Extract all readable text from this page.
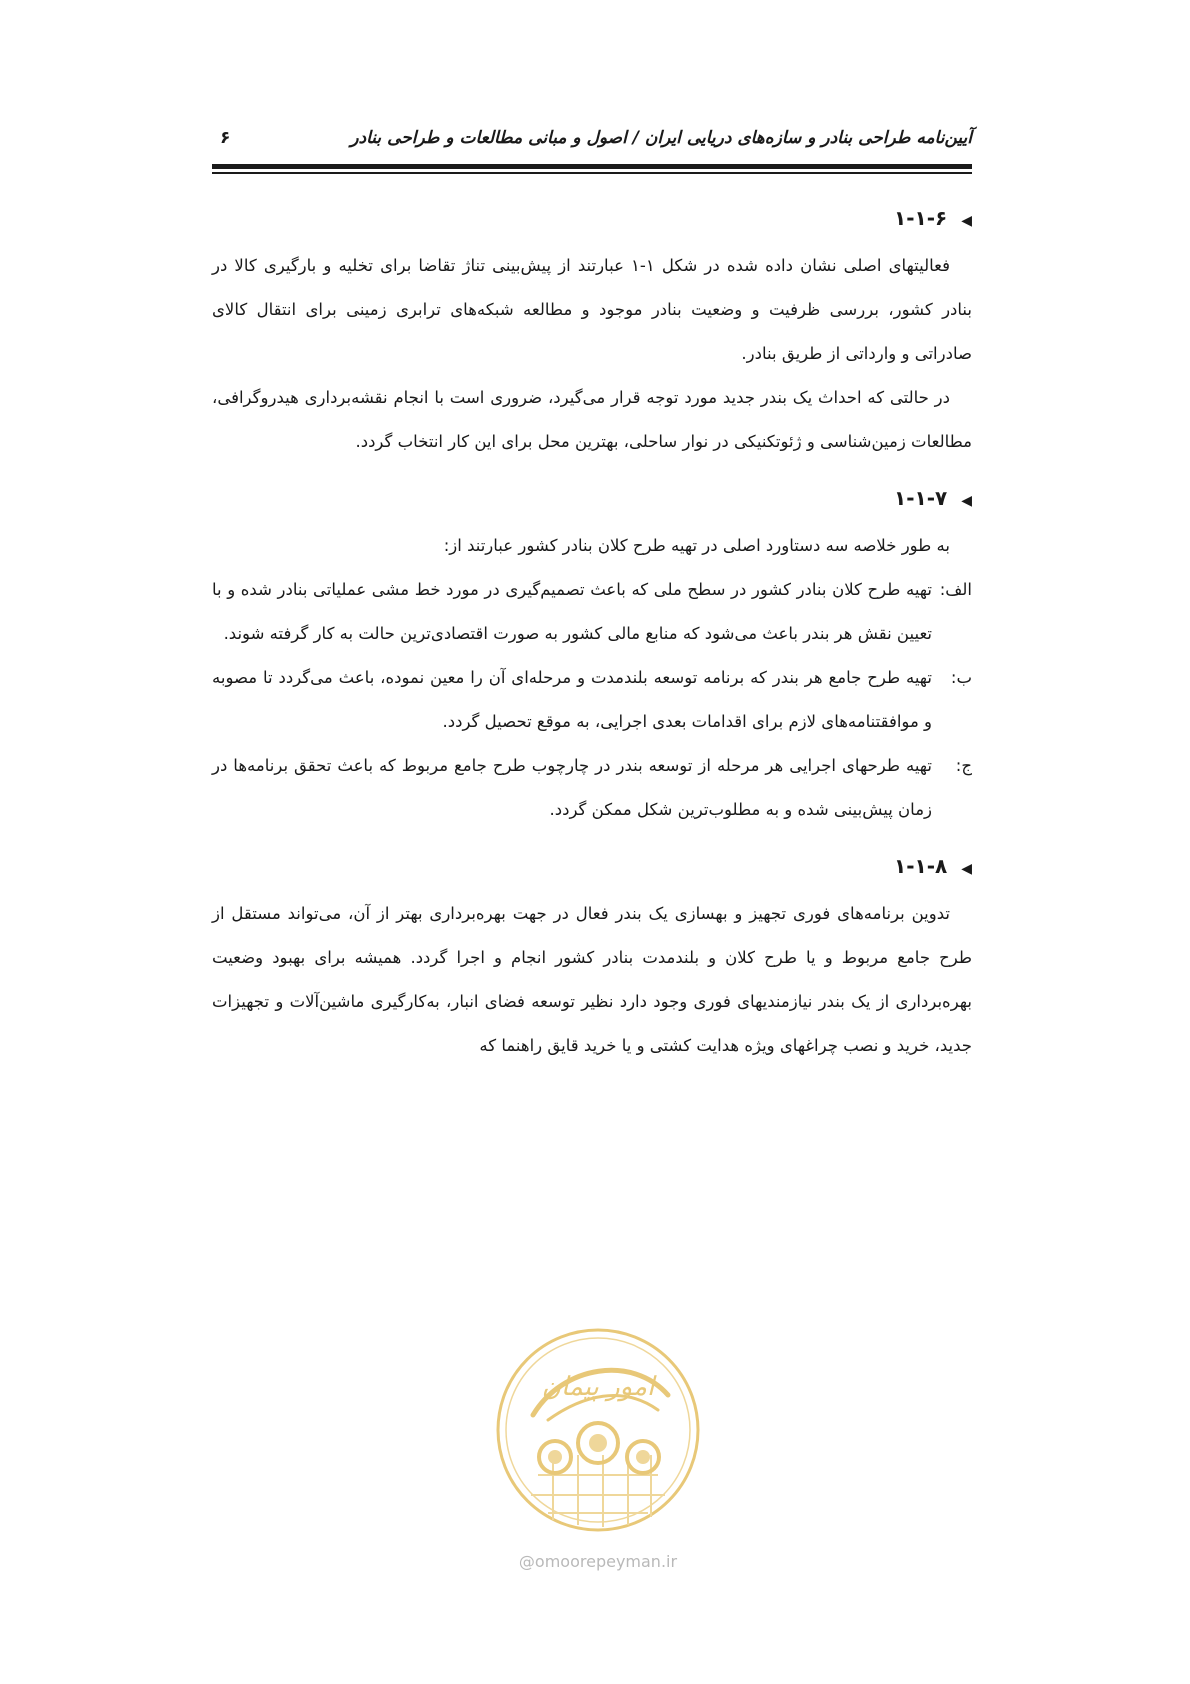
آیین‌نامه طراحی بنادر و سازه‌های دریایی ایران / اصول و مبانی مطالعات و طراحی بنادر
۶
◀۱-۱-۶

فعالیتهای اصلی نشان داده شده در شکل ۱-۱ عبارتند از پیش‌بینی تناژ تقاضا برای تخلیه و بارگیری کالا در بنادر کشور، بررسی ظرفیت و وضعیت بنادر موجود و مطالعه شبکه‌های ترابری زمینی برای انتقال کالای صادراتی و وارداتی از طریق بنادر.

در حالتی که احداث یک بندر جدید مورد توجه قرار می‌گیرد، ضروری است با انجام نقشه‌برداری هیدروگرافی، مطالعات زمین‌شناسی و ژئوتکنیکی در نوار ساحلی، بهترین محل برای این کار انتخاب گردد.

◀۱-۱-۷

به طور خلاصه سه دستاورد اصلی در تهیه طرح کلان بنادر کشور عبارتند از:

الف:
تهیه طرح کلان بنادر کشور در سطح ملی که باعث تصمیم‌گیری در مورد خط مشی عملیاتی بنادر شده و با تعیین نقش هر بندر باعث می‌شود که منابع مالی کشور به صورت اقتصادی‌ترین حالت به کار گرفته شوند.
ب:
تهیه طرح جامع هر بندر که برنامه توسعه بلندمدت و مرحله‌ای آن را معین نموده، باعث می‌گردد تا مصوبه و موافقتنامه‌های لازم برای اقدامات بعدی اجرایی، به موقع تحصیل گردد.
ج:
تهیه طرحهای اجرایی هر مرحله از توسعه بندر در چارچوب طرح جامع مربوط که باعث تحقق برنامه‌ها در زمان پیش‌بینی شده و به مطلوب‌ترین شکل ممکن گردد.
◀۱-۱-۸

تدوین برنامه‌های فوری تجهیز و بهسازی یک بندر فعال در جهت بهره‌برداری بهتر از آن، می‌تواند مستقل از طرح جامع مربوط و یا طرح کلان و بلندمدت بنادر کشور انجام و اجرا گردد. همیشه برای بهبود وضعیت بهره‌برداری از یک بندر نیازمندیهای فوری وجود دارد نظیر توسعه فضای انبار، به‌کارگیری ماشین‌آلات و تجهیزات جدید، خرید و نصب چراغهای ویژه هدایت کشتی و یا خرید قایق راهنما که

امور پیمان
@omoorepeyman.ir
